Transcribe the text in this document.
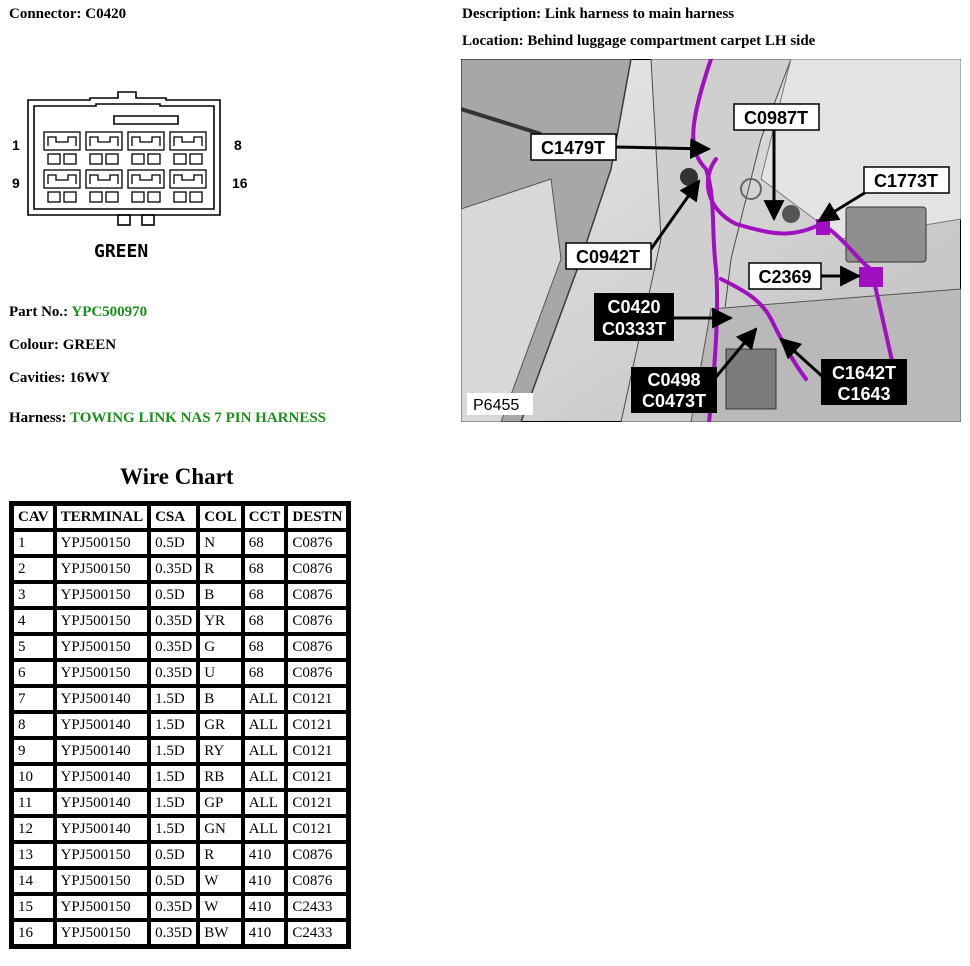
Connector: C0420	Description: Link harness to main harness
Location: Behind luggage compartment carpet LH side
1	8
9	16
GREEN
Part No.: YPC500970
Colour: GREEN
Cavities: 16WY
Harness: TOWING LINK NAS 7 PIN HARNESS
Wire Chart
CAV	TERMINAL	CSA	COL	CCT	DESTN
1	YPJ500150	0.5D	N	68	C0876
2	YPJ500150	0.35D	R	68	C0876
3	YPJ500150	0.5D	B	68	C0876
4	YPJ500150	0.35D	YR	68	C0876
5	YPJ500150	0.35D	G	68	C0876
6	YPJ500150	0.35D	U	68	C0876
7	YPJ500140	1.5D	B	ALL	C0121
8	YPJ500140	1.5D	GR	ALL	C0121
9	YPJ500140	1.5D	RY	ALL	C0121
10	YPJ500140	1.5D	RB	ALL	C0121
11	YPJ500140	1.5D	GP	ALL	C0121
12	YPJ500140	1.5D	GN	ALL	C0121
13	YPJ500150	0.5D	R	410	C0876
14	YPJ500150	0.5D	W	410	C0876
15	YPJ500150	0.35D	W	410	C2433
16	YPJ500150	0.35D	BW	410	C2433
C1479T
C0987T
C1773T
C0942T
C2369
C0420
C0333T
C0498
C0473T
C1642T
C1643
P6455
